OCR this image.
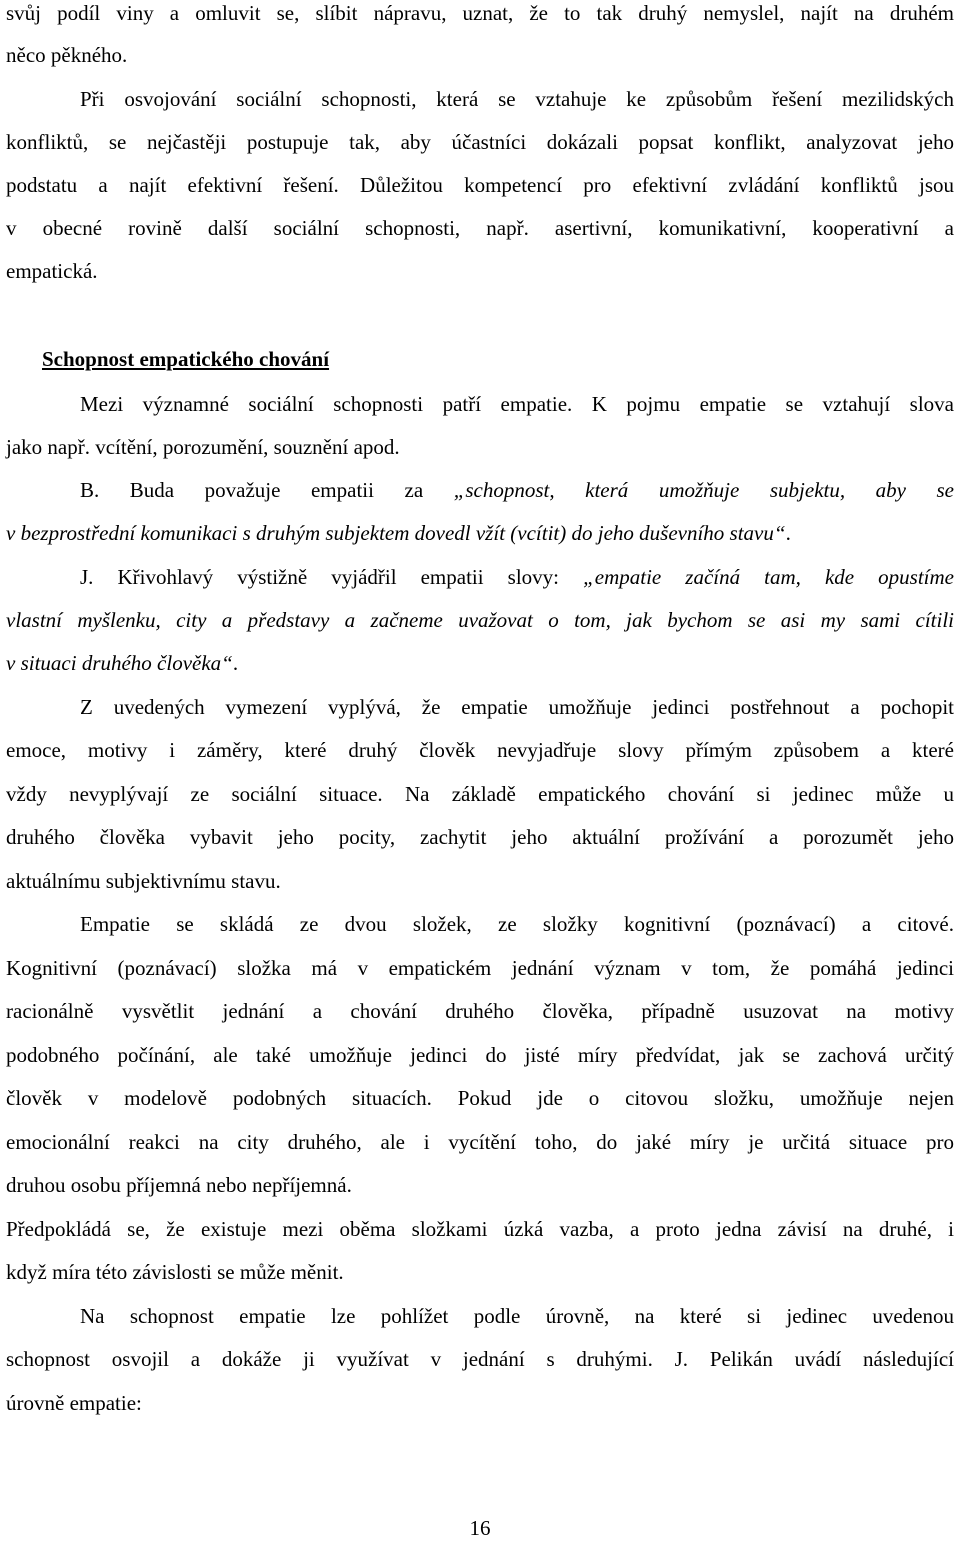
svůj podíl viny a omluvit se, slíbit nápravu, uznat, že to tak druhý nemyslel, najít na druhém
něco pěkného.
Při osvojování sociální schopnosti, která se vztahuje ke způsobům řešení mezilidských
konfliktů, se nejčastěji postupuje tak, aby účastníci dokázali popsat konflikt, analyzovat jeho
podstatu a najít efektivní řešení. Důležitou kompetencí pro efektivní zvládání konfliktů jsou
v obecné rovině další sociální schopnosti, např. asertivní, komunikativní, kooperativní a
empatická.
Schopnost empatického chování
Mezi významné sociální schopnosti patří empatie. K pojmu empatie se vztahují slova
jako např. vcítění, porozumění, souznění apod.
B. Buda považuje empatii za „schopnost, která umožňuje subjektu, aby se
v bezprostřední komunikaci s druhým subjektem dovedl vžít (vcítit) do jeho duševního stavu“.
J. Křivohlavý výstižně vyjádřil empatii slovy: „empatie začíná tam, kde opustíme
vlastní myšlenku, city a představy a začneme uvažovat o tom, jak bychom se asi my sami cítili
v situaci druhého člověka“.
Z uvedených vymezení vyplývá, že empatie umožňuje jedinci postřehnout a pochopit
emoce, motivy i záměry, které druhý člověk nevyjadřuje slovy přímým způsobem a které
vždy nevyplývají ze sociální situace. Na základě empatického chování si jedinec může u
druhého člověka vybavit jeho pocity, zachytit jeho aktuální prožívání a porozumět jeho
aktuálnímu subjektivnímu stavu.
Empatie se skládá ze dvou složek, ze složky kognitivní (poznávací) a citové.
Kognitivní (poznávací) složka má v empatickém jednání význam v tom, že pomáhá jedinci
racionálně vysvětlit jednání a chování druhého člověka, případně usuzovat na motivy
podobného počínání, ale také umožňuje jedinci do jisté míry předvídat, jak se zachová určitý
člověk v modelově podobných situacích. Pokud jde o citovou složku, umožňuje nejen
emocionální reakci na city druhého, ale i vycítění toho, do jaké míry je určitá situace pro
druhou osobu příjemná nebo nepříjemná.
Předpokládá se, že existuje mezi oběma složkami úzká vazba, a proto jedna závisí na druhé, i
když míra této závislosti se může měnit.
Na schopnost empatie lze pohlížet podle úrovně, na které si jedinec uvedenou
schopnost osvojil a dokáže ji využívat v jednání s druhými. J. Pelikán uvádí následující
úrovně empatie:
16
